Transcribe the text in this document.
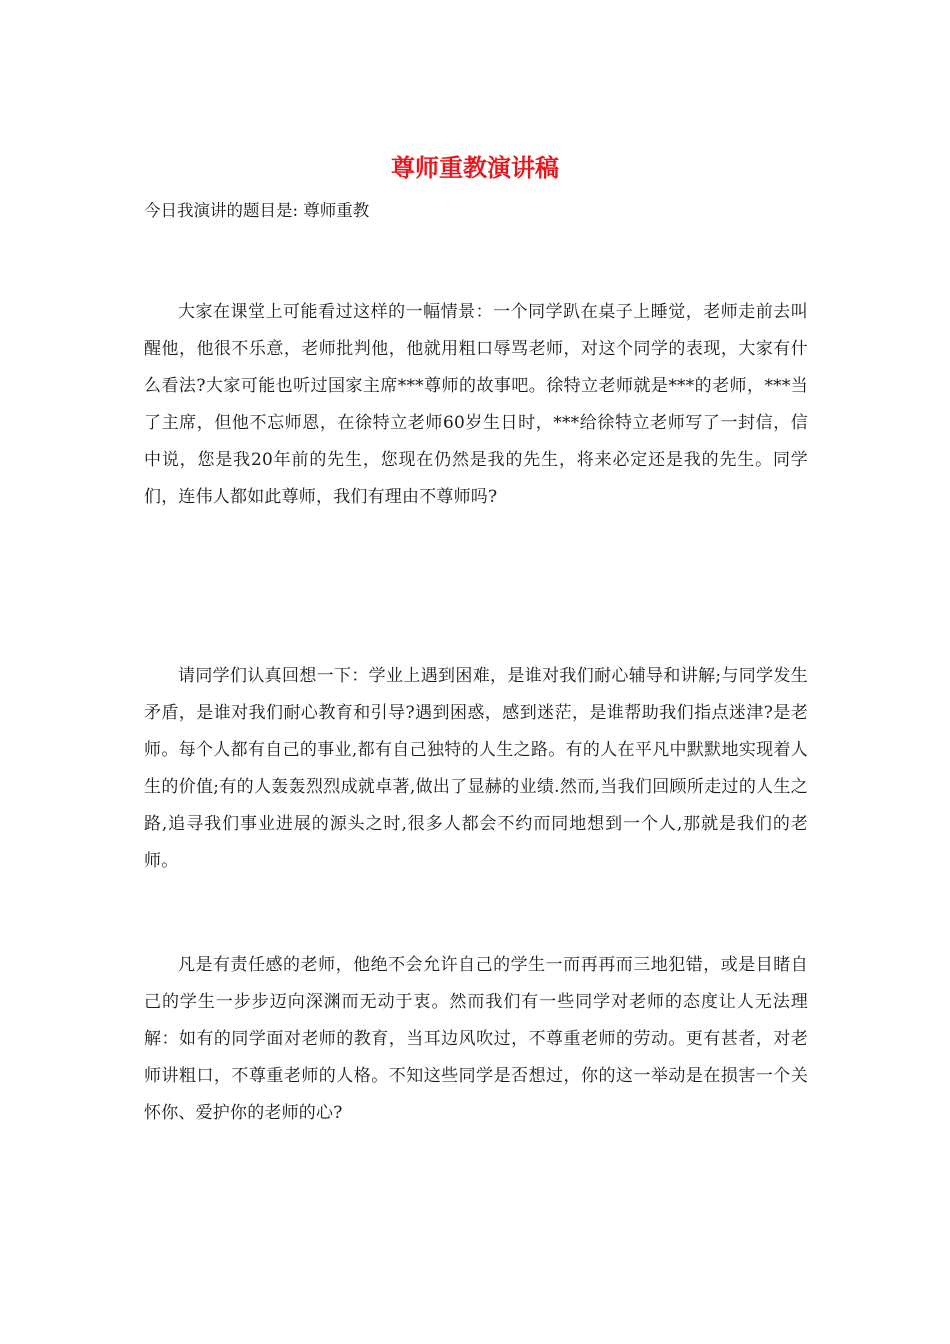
尊师重教演讲稿

今日我演讲的题目是: 尊师重教

大家在课堂上可能看过这样的一幅情景：一个同学趴在桌子上睡觉，老师走前去叫醒他，他很不乐意，老师批判他，他就用粗口辱骂老师，对这个同学的表现，大家有什么看法?大家可能也听过国家主席***尊师的故事吧。徐特立老师就是***的老师，***当了主席，但他不忘师恩，在徐特立老师60岁生日时，***给徐特立老师写了一封信，信中说，您是我20年前的先生，您现在仍然是我的先生，将来必定还是我的先生。同学们，连伟人都如此尊师，我们有理由不尊师吗?

请同学们认真回想一下：学业上遇到困难，是谁对我们耐心辅导和讲解;与同学发生矛盾，是谁对我们耐心教育和引导?遇到困惑，感到迷茫，是谁帮助我们指点迷津?是老师。每个人都有自己的事业,都有自己独特的人生之路。有的人在平凡中默默地实现着人生的价值;有的人轰轰烈烈成就卓著,做出了显赫的业绩.然而,当我们回顾所走过的人生之路,追寻我们事业进展的源头之时,很多人都会不约而同地想到一个人,那就是我们的老师。

凡是有责任感的老师，他绝不会允许自己的学生一而再再而三地犯错，或是目睹自己的学生一步步迈向深渊而无动于衷。然而我们有一些同学对老师的态度让人无法理解：如有的同学面对老师的教育，当耳边风吹过，不尊重老师的劳动。更有甚者，对老师讲粗口，不尊重老师的人格。不知这些同学是否想过，你的这一举动是在损害一个关怀你、爱护你的老师的心?
